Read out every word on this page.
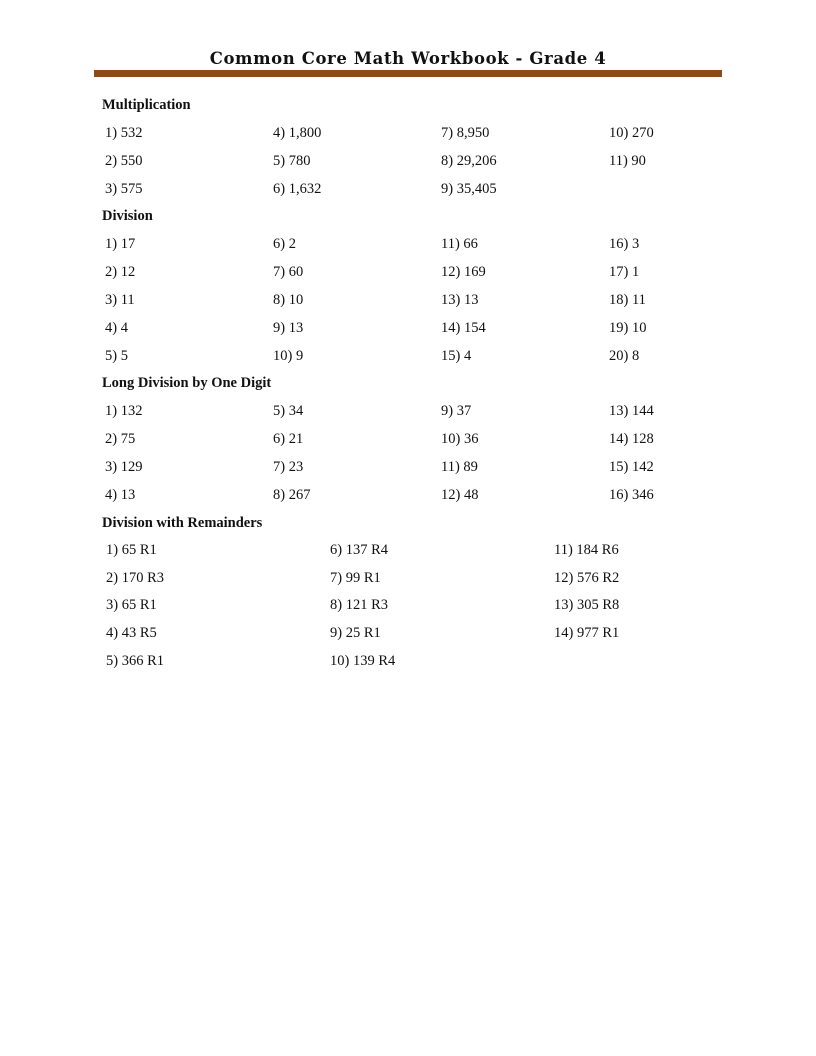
Common Core Math Workbook - Grade 4
Multiplication
1) 532	4) 1,800	7) 8,950	10) 270
2) 550	5) 780	8) 29,206	11) 90
3) 575	6) 1,632	9) 35,405
Division
1) 17	6) 2	11) 66	16) 3
2) 12	7) 60	12) 169	17) 1
3) 11	8) 10	13) 13	18) 11
4) 4	9) 13	14) 154	19) 10
5) 5	10) 9	15) 4	20) 8
Long Division by One Digit
1) 132	5) 34	9) 37	13) 144
2) 75	6) 21	10) 36	14) 128
3) 129	7) 23	11) 89	15) 142
4) 13	8) 267	12) 48	16) 346
Division with Remainders
1) 65 R1	6) 137 R4	11) 184 R6
2) 170 R3	7) 99 R1	12) 576 R2
3) 65 R1	8) 121 R3	13) 305 R8
4) 43 R5	9) 25 R1	14) 977 R1
5) 366 R1	10) 139 R4
